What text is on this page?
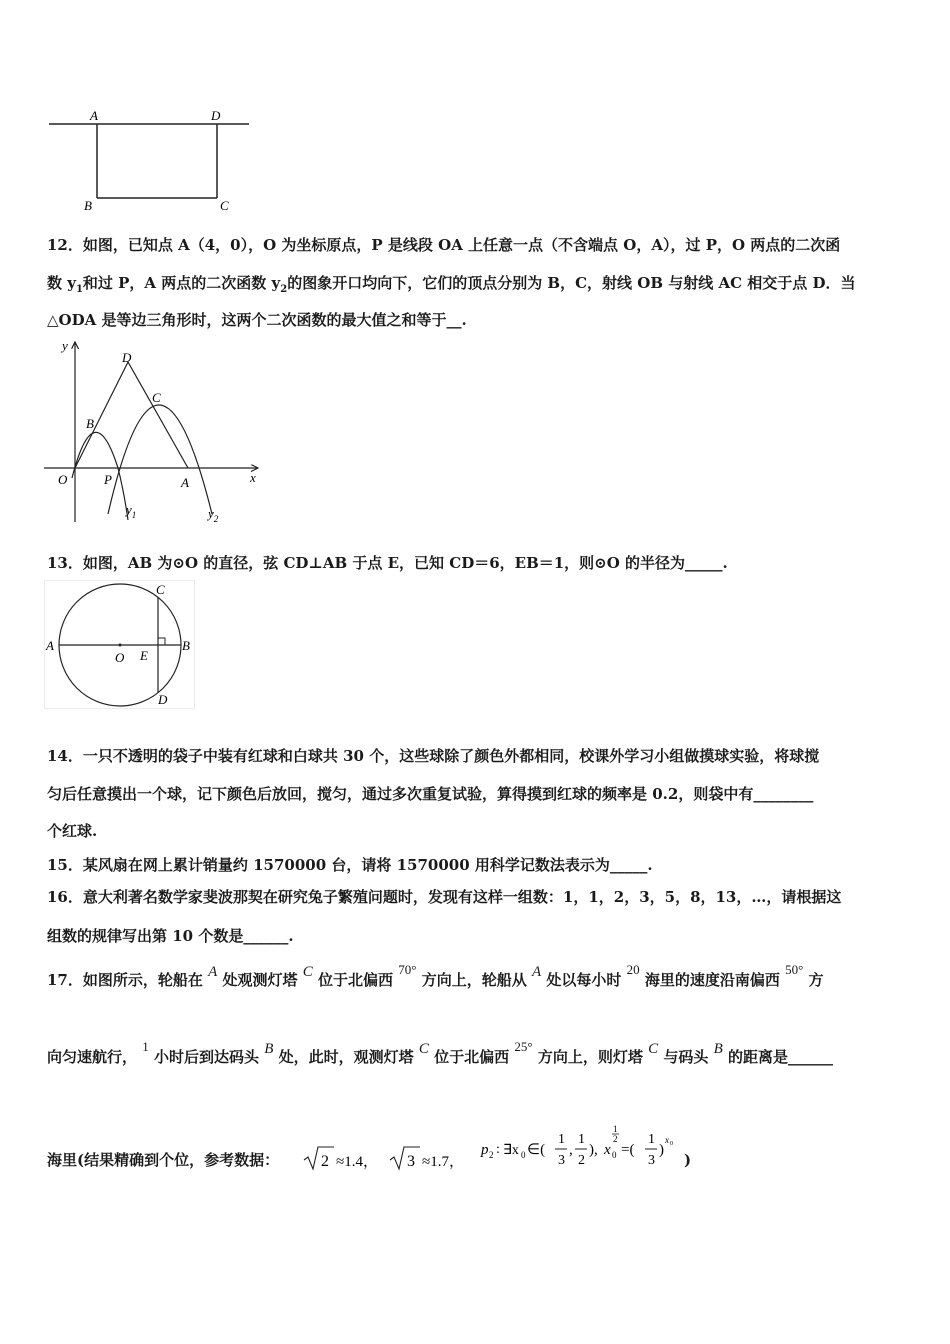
A	D
B	C
12．如图，已知点 A（4，0），O 为坐标原点，P 是线段 OA 上任意一点（不含端点 O，A），过 P，O 两点的二次函
数 $y_1$和过 P，A 两点的二次函数 $y_2$的图象开口均向下，它们的顶点分别为 B，C，射线 OB 与射线 AC 相交于点 D．当
△ODA 是等边三角形时，这两个二次函数的最大值之和等于__.
y
x
O	P	A
B
C
D
$y_1$	$y_2$
13．如图，AB 为⊙O 的直径，弦 CD⊥AB 于点 E，已知 CD＝6，EB＝1，则⊙O 的半径为_____.
A	B
C
D
O E
14．一只不透明的袋子中装有红球和白球共 30 个，这些球除了颜色外都相同，校课外学习小组做摸球实验，将球搅
匀后任意摸出一个球，记下颜色后放回，搅匀，通过多次重复试验，算得摸到红球的频率是 0.2，则袋中有________
个红球.
15．某风扇在网上累计销量约 1570000 台，请将 1570000 用科学记数法表示为_____.
16．意大利著名数学家斐波那契在研究兔子繁殖问题时，发现有这样一组数：1，1，2，3，5，8，13，…，请根据这
组数的规律写出第 10 个数是______.
17．如图所示，轮船在 A 处观测灯塔 C 位于北偏西 70° 方向上，轮船从 A 处以每小时 20 海里的速度沿南偏西 50° 方
向匀速航行， 1 小时后到达码头 B 处，此时，观测灯塔 C 位于北偏西 25° 方向上，则灯塔 C 与码头 B 的距离是______
海里(结果精确到个位，参考数据：	2 ≈1.4， 3 ≈1.7，
p 2 : ∃x 0 ∈(
1
3
,
1
2
), x 0
1
2
=(
1
3
)
x 0
)
